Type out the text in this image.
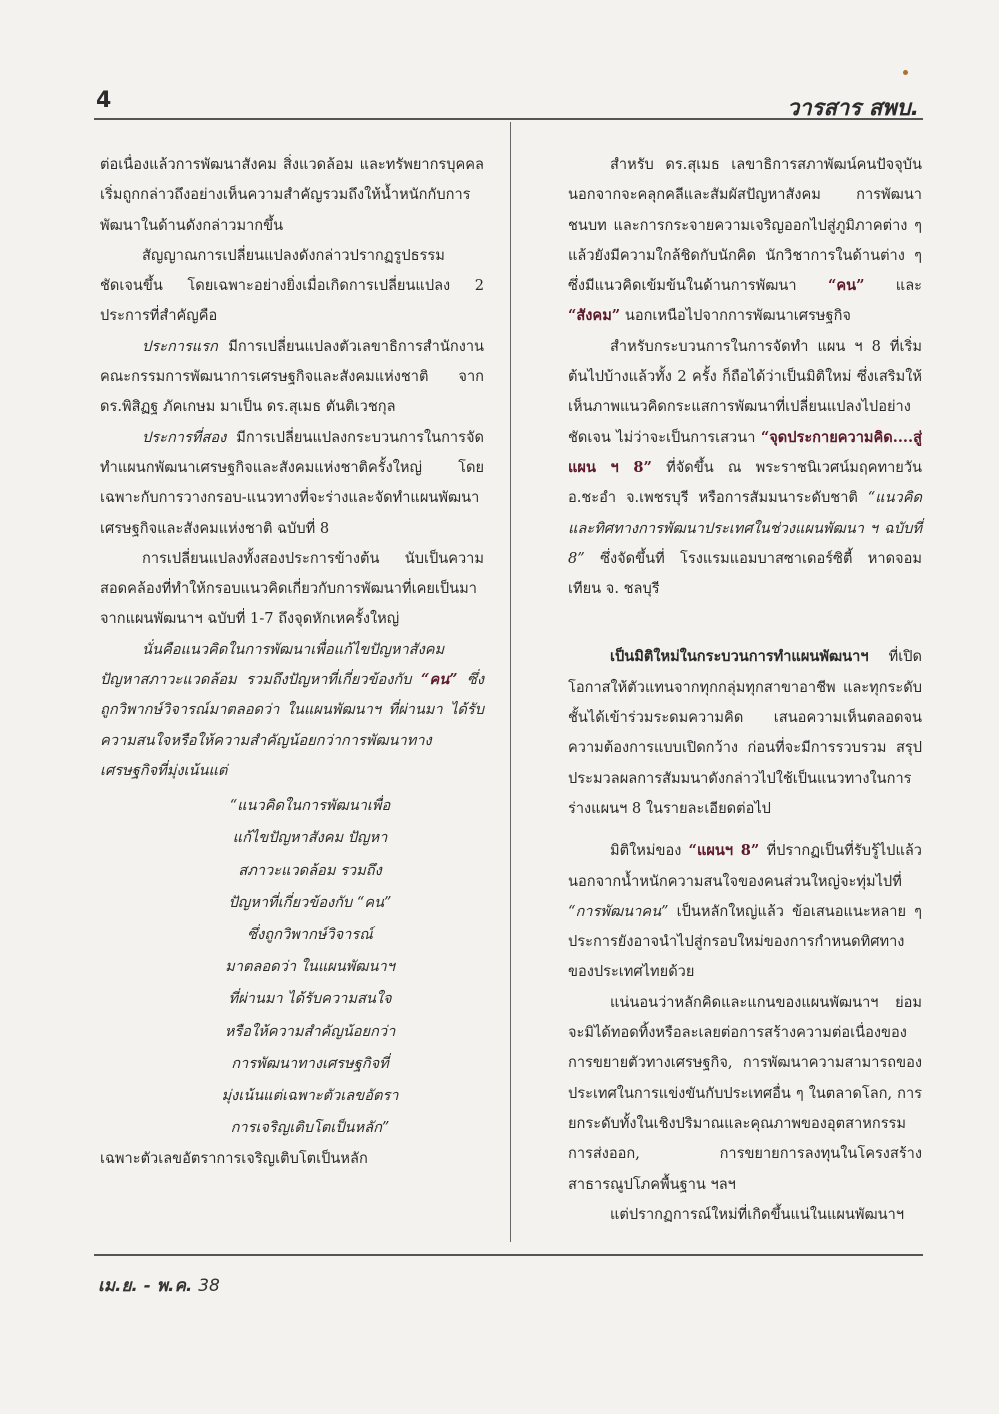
4	วารสาร สพบ.

ต่อเนื่องแล้วการพัฒนาสังคม สิ่งแวดล้อม และทรัพยากรบุคคล เริ่มถูกกล่าวถึงอย่างเห็นความสำคัญรวมถึงให้น้ำหนักกับการพัฒนาในด้านดังกล่าวมากขึ้น

สัญญาณการเปลี่ยนแปลงดังกล่าวปรากฏรูปธรรมชัดเจนขึ้น โดยเฉพาะอย่างยิ่งเมื่อเกิดการเปลี่ยนแปลง 2 ประการที่สำคัญคือ

ประการแรก มีการเปลี่ยนแปลงตัวเลขาธิการสำนักงานคณะกรรมการพัฒนาการเศรษฐกิจและสังคมแห่งชาติ จาก ดร.พิสิฏฐ ภัคเกษม มาเป็น ดร.สุเมธ ตันติเวชกุล

ประการที่สอง มีการเปลี่ยนแปลงกระบวนการในการจัดทำแผนกพัฒนาเศรษฐกิจและสังคมแห่งชาติครั้งใหญ่ โดยเฉพาะกับการวางกรอบ-แนวทางที่จะร่างและจัดทำแผนพัฒนาเศรษฐกิจและสังคมแห่งชาติ ฉบับที่ 8

การเปลี่ยนแปลงทั้งสองประการข้างต้น นับเป็นความสอดคล้องที่ทำให้กรอบแนวคิดเกี่ยวกับการพัฒนาที่เคยเป็นมาจากแผนพัฒนาฯ ฉบับที่ 1-7 ถึงจุดหักเหครั้งใหญ่

นั่นคือแนวคิดในการพัฒนาเพื่อแก้ไขปัญหาสังคม ปัญหาสภาวะแวดล้อม รวมถึงปัญหาที่เกี่ยวข้องกับ “คน” ซึ่งถูกวิพากษ์วิจารณ์มาตลอดว่า ในแผนพัฒนาฯ ที่ผ่านมา ได้รับความสนใจหรือให้ความสำคัญน้อยกว่าการพัฒนาทางเศรษฐกิจที่มุ่งเน้นแต่

“แนวคิดในการพัฒนาเพื่อ
แก้ไขปัญหาสังคม ปัญหา
สภาวะแวดล้อม รวมถึง
ปัญหาที่เกี่ยวข้องกับ “คน”
ซึ่งถูกวิพากษ์วิจารณ์
มาตลอดว่า ในแผนพัฒนาฯ
ที่ผ่านมา ได้รับความสนใจ
หรือให้ความสำคัญน้อยกว่า
การพัฒนาทางเศรษฐกิจที่
มุ่งเน้นแต่เฉพาะตัวเลขอัตรา
การเจริญเติบโตเป็นหลัก”

เฉพาะตัวเลขอัตราการเจริญเติบโตเป็นหลัก

สำหรับ ดร.สุเมธ เลขาธิการสภาพัฒน์คนปัจจุบัน นอกจากจะคลุกคลีและสัมผัสปัญหาสังคม การพัฒนาชนบท และการกระจายความเจริญออกไปสู่ภูมิภาคต่าง ๆ แล้วยังมีความใกล้ชิดกับนักคิด นักวิชาการในด้านต่าง ๆ ซึ่งมีแนวคิดเข้มข้นในด้านการพัฒนา “คน” และ “สังคม” นอกเหนือไปจากการพัฒนาเศรษฐกิจ

สำหรับกระบวนการในการจัดทำ แผน ฯ 8 ที่เริ่มต้นไปบ้างแล้วทั้ง 2 ครั้ง ก็ถือได้ว่าเป็นมิติใหม่ ซึ่งเสริมให้เห็นภาพแนวคิดกระแสการพัฒนาที่เปลี่ยนแปลงไปอย่างชัดเจน ไม่ว่าจะเป็นการเสวนา “จุดประกายความคิด....สู่แผน ฯ 8” ที่จัดขึ้น ณ พระราชนิเวศน์มฤคทายวัน อ.ชะอำ จ.เพชรบุรี หรือการสัมมนาระดับชาติ “แนวคิดและทิศทางการพัฒนาประเทศในช่วงแผนพัฒนา ฯ ฉบับที่ 8” ซึ่งจัดขึ้นที่ โรงแรมแอมบาสซาเดอร์ซิตี้ หาดจอมเทียน จ. ชลบุรี

เป็นมิติใหม่ในกระบวนการทำแผนพัฒนาฯ ที่เปิดโอกาสให้ตัวแทนจากทุกกลุ่มทุกสาขาอาชีพ และทุกระดับชั้นได้เข้าร่วมระดมความคิด เสนอความเห็นตลอดจนความต้องการแบบเปิดกว้าง ก่อนที่จะมีการรวบรวม สรุปประมวลผลการสัมมนาดังกล่าวไปใช้เป็นแนวทางในการร่างแผนฯ 8 ในรายละเอียดต่อไป

มิติใหม่ของ “แผนฯ 8” ที่ปรากฏเป็นที่รับรู้ไปแล้ว นอกจากน้ำหนักความสนใจของคนส่วนใหญ่จะทุ่มไปที่ “การพัฒนาคน” เป็นหลักใหญ่แล้ว ข้อเสนอแนะหลาย ๆ ประการยังอาจนำไปสู่กรอบใหม่ของการกำหนดทิศทางของประเทศไทยด้วย

แน่นอนว่าหลักคิดและแกนของแผนพัฒนาฯ ย่อมจะมิได้ทอดทิ้งหรือละเลยต่อการสร้างความต่อเนื่องของการขยายตัวทางเศรษฐกิจ, การพัฒนาความสามารถของประเทศในการแข่งขันกับประเทศอื่น ๆ ในตลาดโลก, การยกระดับทั้งในเชิงปริมาณและคุณภาพของอุตสาหกรรมการส่งออก, การขยายการลงทุนในโครงสร้างสาธารณูปโภคพื้นฐาน ฯลฯ

แต่ปรากฏการณ์ใหม่ที่เกิดขึ้นแน่ในแผนพัฒนาฯ

เม.ย. - พ.ค. 38
